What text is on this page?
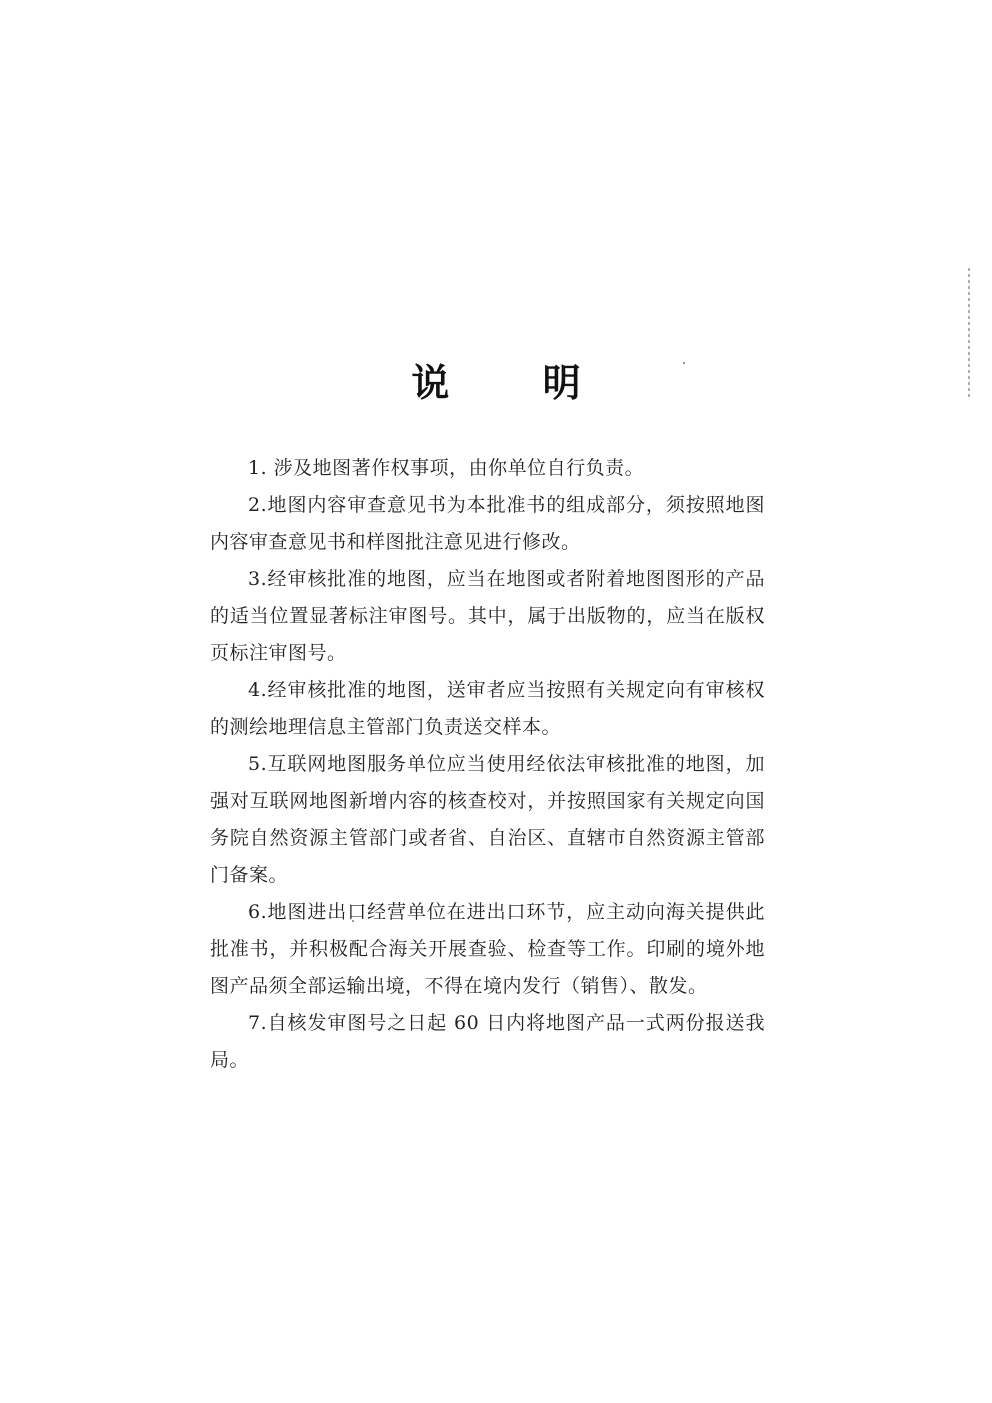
说 明

1. 涉及地图著作权事项，由你单位自行负责。

2.地图内容审查意见书为本批准书的组成部分，须按照地图内容审查意见书和样图批注意见进行修改。

3.经审核批准的地图，应当在地图或者附着地图图形的产品的适当位置显著标注审图号。其中，属于出版物的，应当在版权页标注审图号。

4.经审核批准的地图，送审者应当按照有关规定向有审核权的测绘地理信息主管部门负责送交样本。

5.互联网地图服务单位应当使用经依法审核批准的地图，加强对互联网地图新增内容的核查校对，并按照国家有关规定向国务院自然资源主管部门或者省、自治区、直辖市自然资源主管部门备案。

6.地图进出口经营单位在进出口环节，应主动向海关提供此批准书，并积极配合海关开展查验、检查等工作。印刷的境外地图产品须全部运输出境，不得在境内发行（销售）、散发。

7.自核发审图号之日起 60 日内将地图产品一式两份报送我局。
